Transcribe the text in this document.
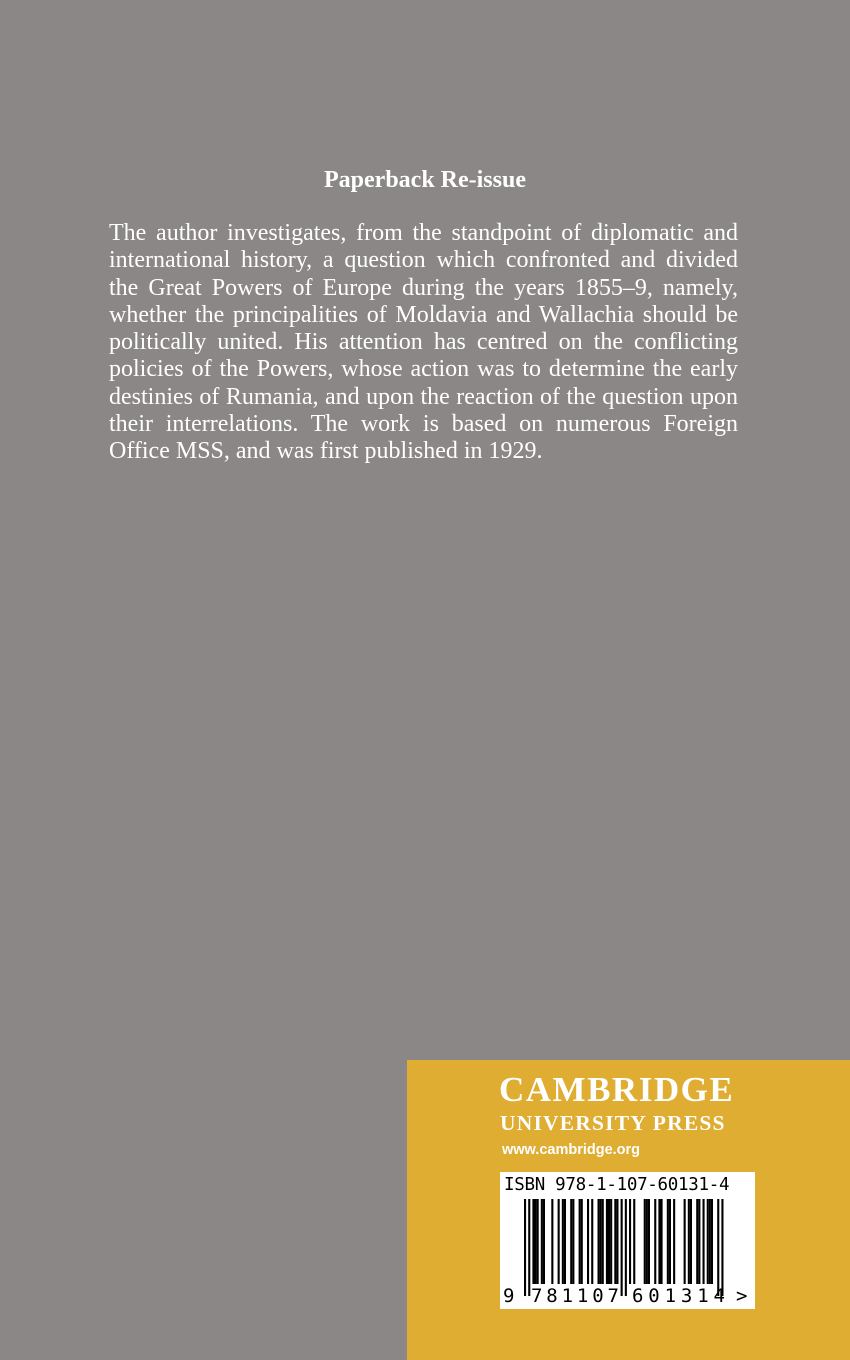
Paperback Re-issue

The author investigates, from the standpoint of diplomatic and international history, a question which confronted and divided the Great Powers of Europe during the years 1855–9, namely, whether the principalities of Moldavia and Wallachia should be politically united. His attention has centred on the conflicting policies of the Powers, whose action was to determine the early destinies of Rumania, and upon the reaction of the question upon their interrelations. The work is based on numerous Foreign Office MSS, and was first published in 1929.

CAMBRIDGE
UNIVERSITY PRESS
www.cambridge.org
ISBN 978-1-107-60131-4
9 781107 601314 >
